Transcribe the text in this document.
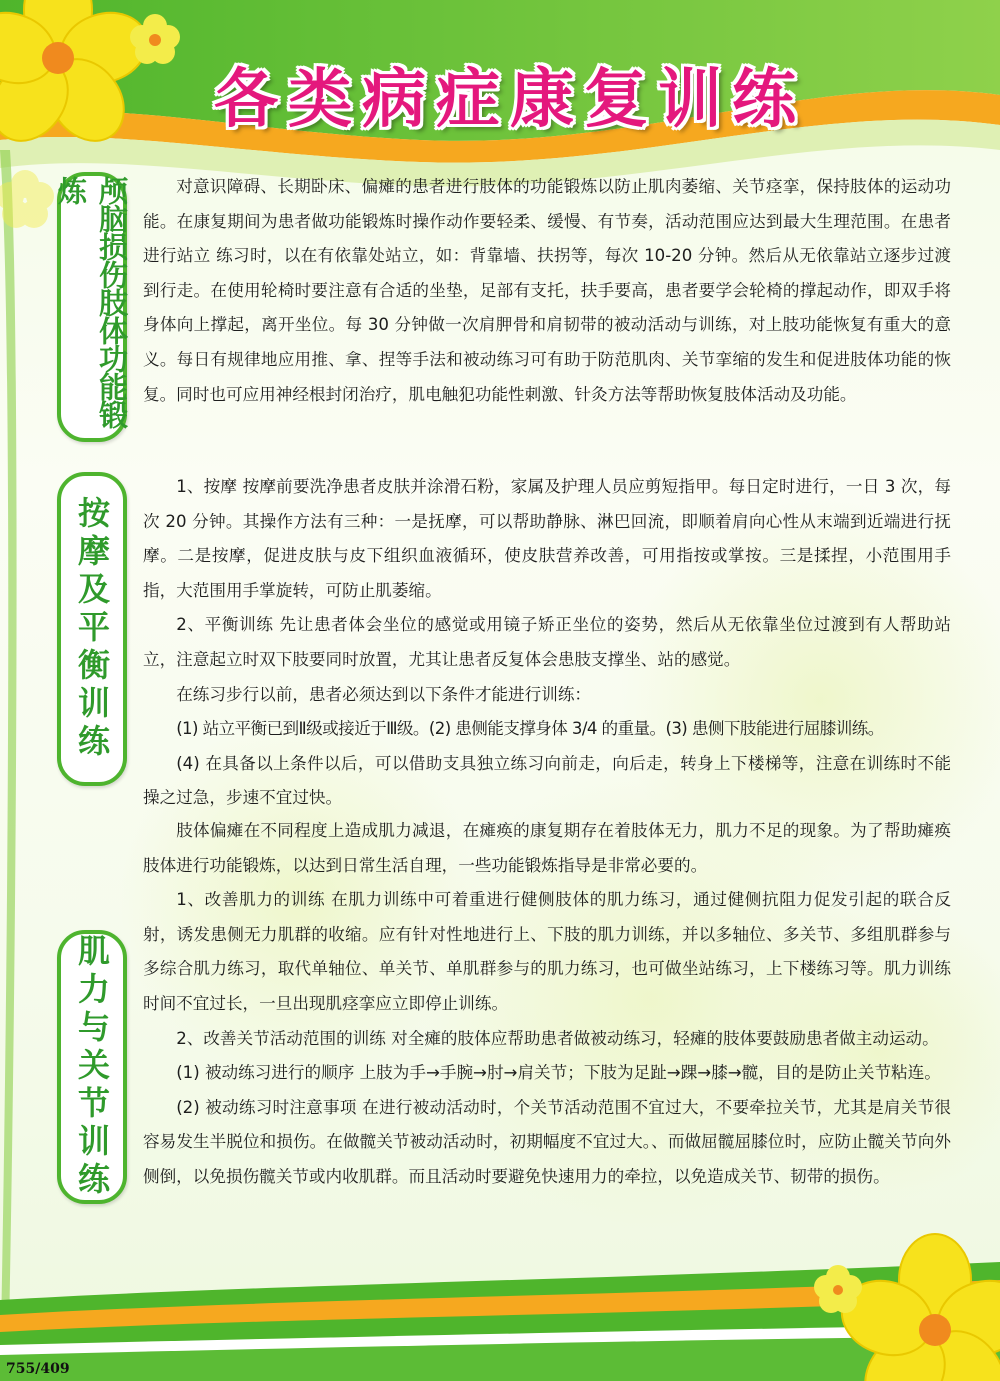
各类病症康复训练
颅脑损伤肢体功能锻炼	对意识障碍、长期卧床、偏瘫的患者进行肢体的功能锻炼以防止肌肉萎缩、关节痉挛，保持肢体的运动功能。在康复期间为患者做功能锻炼时操作动作要轻柔、缓慢、有节奏，活动范围应达到最大生理范围。在患者进行站立 练习时，以在有依靠处站立，如：背靠墙、扶拐等，每次 10-20 分钟。然后从无依靠站立逐步过渡到行走。在使用轮椅时要注意有合适的坐垫，足部有支托，扶手要高，患者要学会轮椅的撑起动作，即双手将身体向上撑起，离开坐位。每 30 分钟做一次肩胛骨和肩韧带的被动活动与训练，对上肢功能恢复有重大的意义。每日有规律地应用推、拿、捏等手法和被动练习可有助于防范肌肉、关节挛缩的发生和促进肢体功能的恢复。同时也可应用神经根封闭治疗，肌电触犯功能性刺激、针灸方法等帮助恢复肢体活动及功能。

按摩及平衡训练

1、按摩 按摩前要洗净患者皮肤并涂滑石粉，家属及护理人员应剪短指甲。每日定时进行，一日 3 次，每次 20 分钟。其操作方法有三种：一是抚摩，可以帮助静脉、淋巴回流，即顺着肩向心性从末端到近端进行抚摩。二是按摩，促进皮肤与皮下组织血液循环，使皮肤营养改善，可用指按或掌按。三是揉捏，小范围用手指，大范围用手掌旋转，可防止肌萎缩。

2、平衡训练 先让患者体会坐位的感觉或用镜子矫正坐位的姿势，然后从无依靠坐位过渡到有人帮助站立，注意起立时双下肢要同时放置，尤其让患者反复体会患肢支撑坐、站的感觉。

在练习步行以前，患者必须达到以下条件才能进行训练：

(1) 站立平衡已到Ⅱ级或接近于Ⅲ级。(2) 患侧能支撑身体 3/4 的重量。(3) 患侧下肢能进行屈膝训练。

(4) 在具备以上条件以后，可以借助支具独立练习向前走，向后走，转身上下楼梯等，注意在训练时不能操之过急，步速不宜过快。

肌力与关节训练

肢体偏瘫在不同程度上造成肌力减退，在瘫痪的康复期存在着肢体无力，肌力不足的现象。为了帮助瘫痪肢体进行功能锻炼，以达到日常生活自理，一些功能锻炼指导是非常必要的。

1、改善肌力的训练 在肌力训练中可着重进行健侧肢体的肌力练习，通过健侧抗阻力促发引起的联合反射，诱发患侧无力肌群的收缩。应有针对性地进行上、下肢的肌力训练，并以多轴位、多关节、多组肌群参与多综合肌力练习，取代单轴位、单关节、单肌群参与的肌力练习，也可做坐站练习，上下楼练习等。肌力训练时间不宜过长，一旦出现肌痉挛应立即停止训练。

2、改善关节活动范围的训练 对全瘫的肢体应帮助患者做被动练习，轻瘫的肢体要鼓励患者做主动运动。

(1) 被动练习进行的顺序 上肢为手→手腕→肘→肩关节；下肢为足趾→踝→膝→髋，目的是防止关节粘连。

(2) 被动练习时注意事项 在进行被动活动时，个关节活动范围不宜过大，不要牵拉关节，尤其是肩关节很容易发生半脱位和损伤。在做髋关节被动活动时，初期幅度不宜过大。、而做屈髋屈膝位时，应防止髋关节向外侧倒，以免损伤髋关节或内收肌群。而且活动时要避免快速用力的牵拉，以免造成关节、韧带的损伤。

755/409
